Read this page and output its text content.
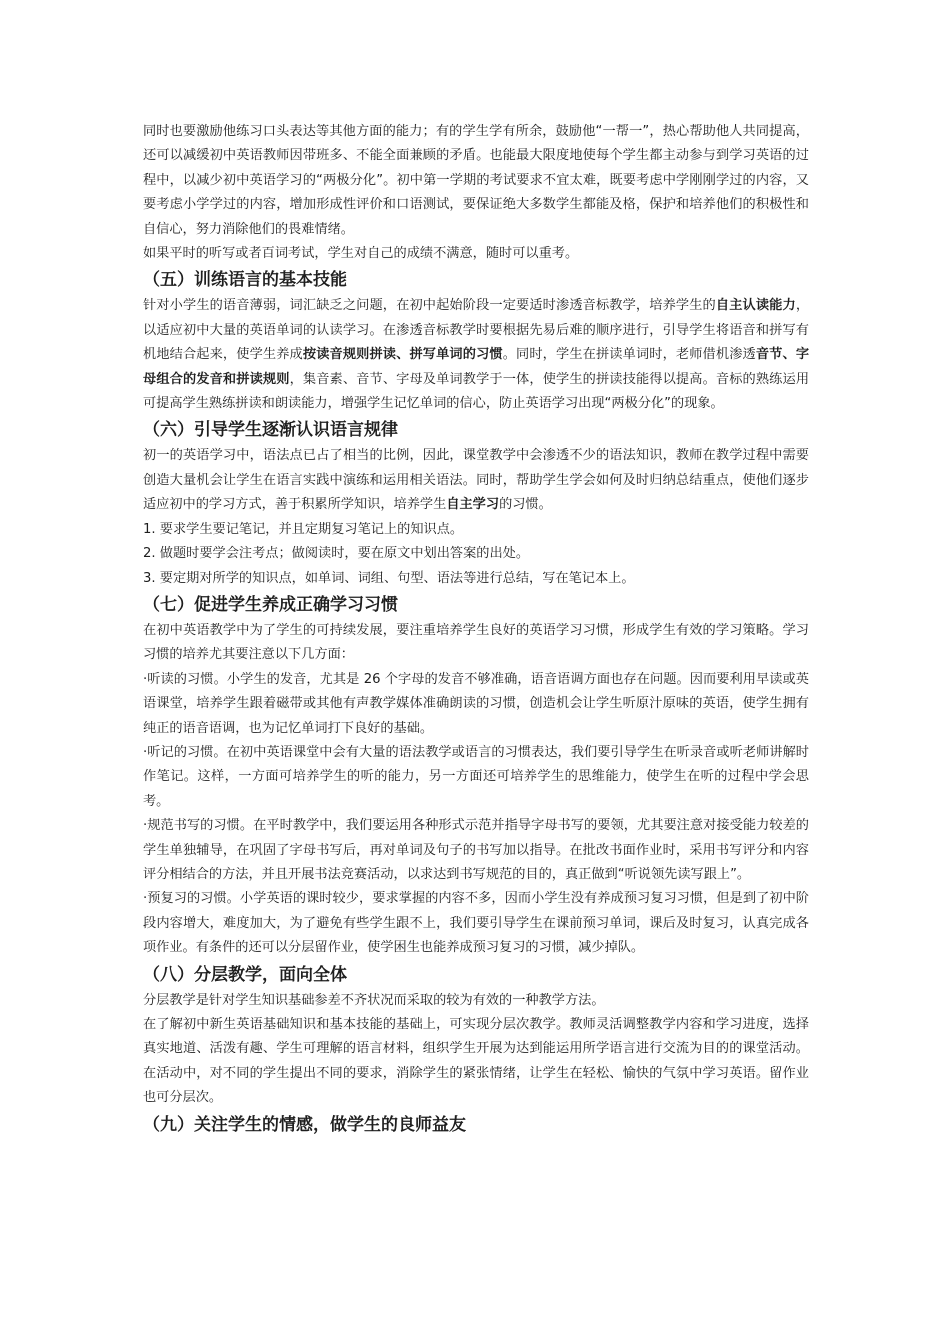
同时也要激励他练习口头表达等其他方面的能力；有的学生学有所余，鼓励他“一帮一”，热心帮助他人共同提高，还可以减缓初中英语教师因带班多、不能全面兼顾的矛盾。也能最大限度地使每个学生都主动参与到学习英语的过程中，以减少初中英语学习的“两极分化”。初中第一学期的考试要求不宜太难，既要考虑中学刚刚学过的内容，又要考虑小学学过的内容，增加形成性评价和口语测试，要保证绝大多数学生都能及格，保护和培养他们的积极性和自信心，努力消除他们的畏难情绪。

如果平时的听写或者百词考试，学生对自己的成绩不满意，随时可以重考。

（五）训练语言的基本技能

针对小学生的语音薄弱，词汇缺乏之问题，在初中起始阶段一定要适时渗透音标教学，培养学生的自主认读能力，以适应初中大量的英语单词的认读学习。在渗透音标教学时要根据先易后难的顺序进行，引导学生将语音和拼写有机地结合起来，使学生养成按读音规则拼读、拼写单词的习惯。同时，学生在拼读单词时，老师借机渗透音节、字母组合的发音和拼读规则，集音素、音节、字母及单词教学于一体，使学生的拼读技能得以提高。音标的熟练运用可提高学生熟练拼读和朗读能力，增强学生记忆单词的信心，防止英语学习出现“两极分化”的现象。

（六）引导学生逐渐认识语言规律

初一的英语学习中，语法点已占了相当的比例，因此，课堂教学中会渗透不少的语法知识，教师在教学过程中需要创造大量机会让学生在语言实践中演练和运用相关语法。同时，帮助学生学会如何及时归纳总结重点，使他们逐步适应初中的学习方式，善于积累所学知识，培养学生自主学习的习惯。

1. 要求学生要记笔记，并且定期复习笔记上的知识点。

2. 做题时要学会注考点；做阅读时，要在原文中划出答案的出处。

3. 要定期对所学的知识点，如单词、词组、句型、语法等进行总结，写在笔记本上。

（七）促进学生养成正确学习习惯

在初中英语教学中为了学生的可持续发展，要注重培养学生良好的英语学习习惯，形成学生有效的学习策略。学习习惯的培养尤其要注意以下几方面：

·听读的习惯。小学生的发音，尤其是 26 个字母的发音不够准确，语音语调方面也存在问题。因而要利用早读或英语课堂，培养学生跟着磁带或其他有声教学媒体准确朗读的习惯，创造机会让学生听原汁原味的英语，使学生拥有纯正的语音语调，也为记忆单词打下良好的基础。

·听记的习惯。在初中英语课堂中会有大量的语法教学或语言的习惯表达，我们要引导学生在听录音或听老师讲解时作笔记。这样，一方面可培养学生的听的能力，另一方面还可培养学生的思维能力，使学生在听的过程中学会思考。

·规范书写的习惯。在平时教学中，我们要运用各种形式示范并指导字母书写的要领，尤其要注意对接受能力较差的学生单独辅导，在巩固了字母书写后，再对单词及句子的书写加以指导。在批改书面作业时，采用书写评分和内容评分相结合的方法，并且开展书法竞赛活动，以求达到书写规范的目的，真正做到“听说领先读写跟上”。

·预复习的习惯。小学英语的课时较少，要求掌握的内容不多，因而小学生没有养成预习复习习惯，但是到了初中阶段内容增大，难度加大，为了避免有些学生跟不上，我们要引导学生在课前预习单词，课后及时复习，认真完成各项作业。有条件的还可以分层留作业，使学困生也能养成预习复习的习惯，减少掉队。

（八）分层教学，面向全体

分层教学是针对学生知识基础参差不齐状况而采取的较为有效的一种教学方法。

在了解初中新生英语基础知识和基本技能的基础上，可实现分层次教学。教师灵活调整教学内容和学习进度，选择真实地道、活泼有趣、学生可理解的语言材料，组织学生开展为达到能运用所学语言进行交流为目的的课堂活动。在活动中，对不同的学生提出不同的要求，消除学生的紧张情绪，让学生在轻松、愉快的气氛中学习英语。留作业也可分层次。

（九）关注学生的情感，做学生的良师益友
